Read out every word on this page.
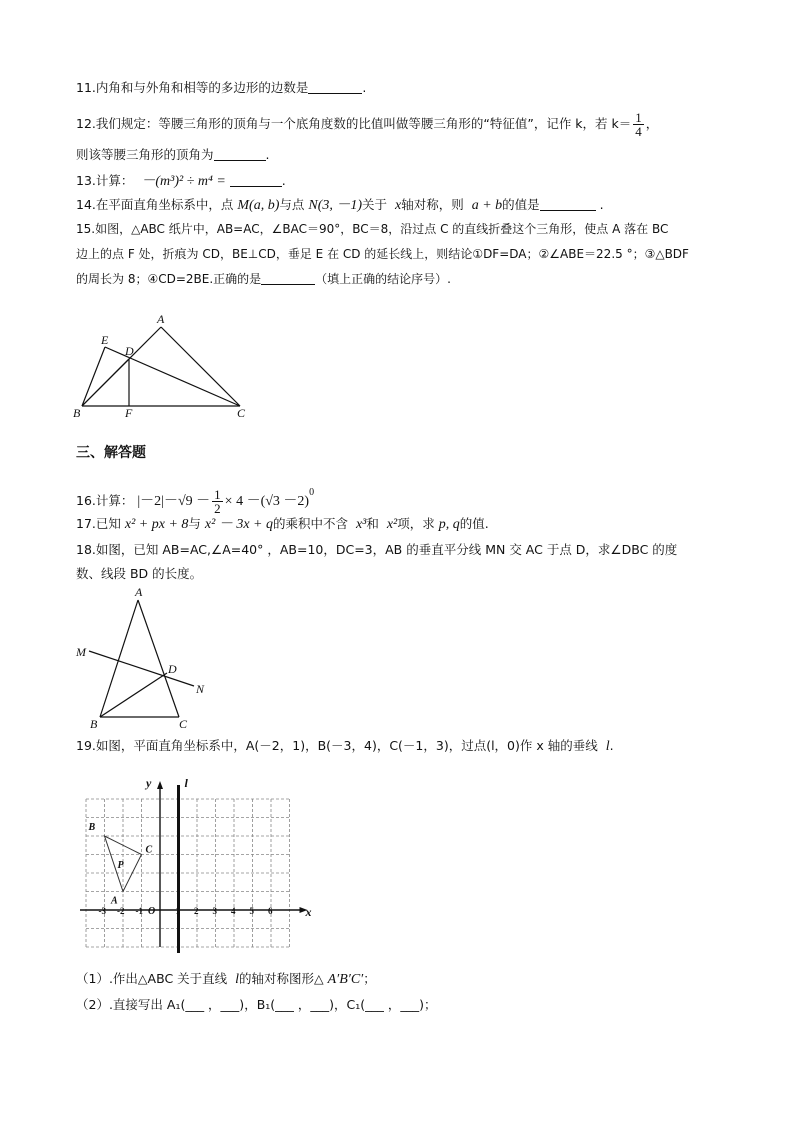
11.内角和与外角和相等的多边形的边数是	.
12.我们规定：等腰三角形的顶角与一个底角度数的比值叫做等腰三角形的“特征值”，记作 k，若 $k= \frac{1}{4}$ ，
则该等腰三角形的顶角为	.
13.计算： －(m³)² ÷ m⁴ =	.
14.在平面直角坐标系中，点 M(a, b)与点 N(3, －1)关于 x轴对称，则 a + b的值是	.
15.如图，△ABC 纸片中，AB=AC，∠BAC＝90°，BC＝8，沿过点 C 的直线折叠这个三角形，使点 A 落在 BC
边上的点 F 处，折痕为 CD，BE⊥CD，垂足 E 在 CD 的延长线上，则结论①DF=DA；②∠ABE＝22.5 °；③△BDF
的周长为 8；④CD=2BE.正确的是	（填上正确的结论序号）.
A
B	C
D
E
F
三、解答题
16.计算： $|-2|-√9 - \frac{1}{2} \times 4 -(√3 -2)^0$
17.已知 x² + px + 8与 x² － 3x + q的乘积中不含 x³和 x²项，求 p, q的值.
18.如图，已知 AB=AC,∠A=40° ，AB=10，DC=3，AB 的垂直平分线 MN 交 AC 于点 D，求∠DBC 的度
数、线段 BD 的长度。
A
B	C
D
M
N
19.如图，平面直角坐标系中，A(－2，1)，B(－3，4)，C(－1，3)，过点(l，0)作 x 轴的垂线 l.
y
x
l
O
-3 -2 -1	1 2 3 4 5 6
A
B
C
P
（1）.作出△ABC 关于直线 l的轴对称图形△ A′B′C′；
（2）.直接写出 A₁(___ ，___)，B₁(___ ，___)，C₁(___ ，___)；
